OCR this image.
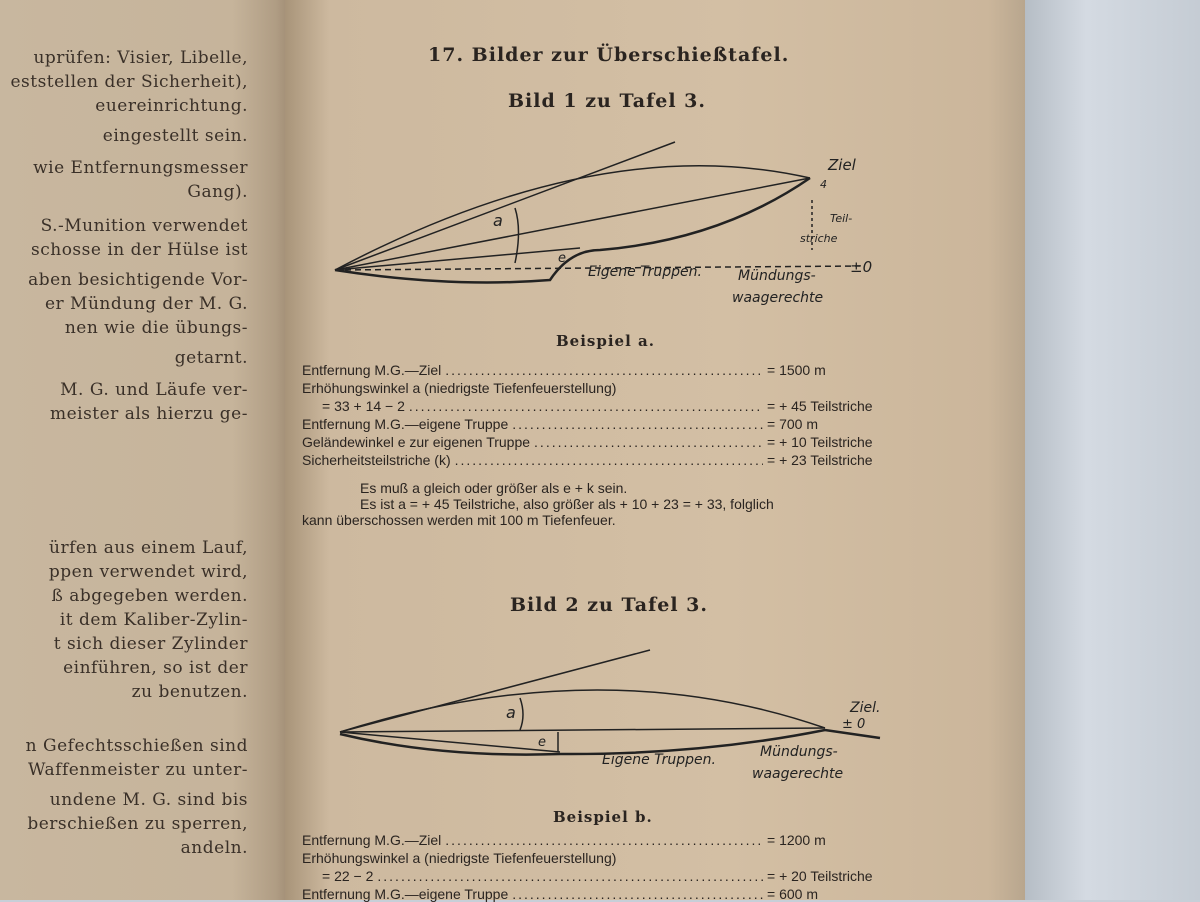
uprüfen: Visier, Libelle,
eststellen der Sicherheit),
euereinrichtung.
eingestellt sein.
wie Entfernungsmesser
Gang).
S.-Munition verwendet
schosse in der Hülse ist
aben besichtigende Vor-
er Mündung der M. G.
nen wie die übungs-
getarnt.
M. G. und Läufe ver-
meister als hierzu ge-
ürfen aus einem Lauf,
ppen verwendet wird,
ß abgegeben werden.
it dem Kaliber-Zylin-
t sich dieser Zylinder
einführen, so ist der
zu benutzen.
n Gefechtsschießen sind
Waffenmeister zu unter-
undene M. G. sind bis
berschießen zu sperren,
andeln.
17. Bilder zur Überschießtafel.
Bild 1 zu Tafel 3.
a
e
Ziel
4
Teil-
striche
±0
Eigene Truppen.	Mündungs-
waagerechte
Beispiel a.
Entfernung M.G.—Ziel .....	= 1500 m
Erhöhungswinkel a (niedrigste Tiefenfeuerstellung)
= 33 + 14 − 2 .....	= + 45 Teilstriche
Entfernung M.G.—eigene Truppe .....	= 700 m
Geländewinkel e zur eigenen Truppe .....	= + 10 Teilstriche
Sicherheitsteilstriche (k) .....	= + 23 Teilstriche
Es muß a gleich oder größer als e + k sein.
Es ist a = + 45 Teilstriche, also größer als + 10 + 23 = + 33, folglich
kann überschossen werden mit 100 m Tiefenfeuer.
Bild 2 zu Tafel 3.
a
e
Ziel.
± 0
Eigene Truppen.	Mündungs-
waagerechte
Beispiel b.
Entfernung M.G.—Ziel .....	= 1200 m
Erhöhungswinkel a (niedrigste Tiefenfeuerstellung)
= 22 − 2 .....	= + 20 Teilstriche
Entfernung M.G.—eigene Truppe .....	= 600 m
